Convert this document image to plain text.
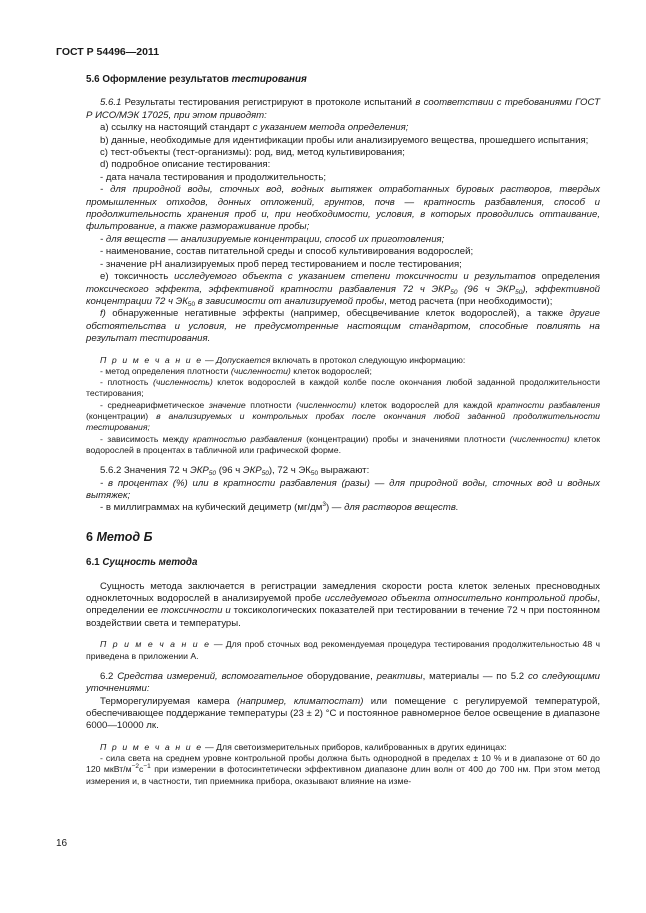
ГОСТ Р 54496—2011
5.6 Оформление результатов тестирования

5.6.1 Результаты тестирования регистрируют в протоколе испытаний в соответствии с требованиями ГОСТ Р ИСО/МЭК 17025, при этом приводят:

а) ссылку на настоящий стандарт с указанием метода определения;

b) данные, необходимые для идентификации пробы или анализируемого вещества, прошедшего испытания;

с) тест-объекты (тест-организмы): род, вид, метод культивирования;

d) подробное описание тестирования:

- дата начала тестирования и продолжительность;

- для природной воды, сточных вод, водных вытяжек отработанных буровых растворов, твердых промышленных отходов, донных отложений, грунтов, почв — кратность разбавления, способ и продолжительность хранения проб и, при необходимости, условия, в которых проводились оттаивание, фильтрование, а также размораживание пробы;

- для веществ — анализируемые концентрации, способ их приготовления;

- наименование, состав питательной среды и способ культивирования водорослей;

- значение рН анализируемых проб перед тестированием и после тестирования;

е) токсичность исследуемого объекта с указанием степени токсичности и результатов определения токсического эффекта, эффективной кратности разбавления 72 ч $ЭКР_{50}$ (96 ч $ЭКР_{50}$), эффективной концентрации 72 ч $ЭК_{50}$ в зависимости от анализируемой пробы, метод расчета (при необходимости);

f) обнаруженные негативные эффекты (например, обесцвечивание клеток водорослей), а также другие обстоятельства и условия, не предусмотренные настоящим стандартом, способные повлиять на результат тестирования.

П р и м е ч а н и е — Допускается включать в протокол следующую информацию:

- метод определения плотности (численности) клеток водорослей;

- плотность (численность) клеток водорослей в каждой колбе после окончания любой заданной продолжительности тестирования;

- среднеарифметическое значение плотности (численности) клеток водорослей для каждой кратности разбавления (концентрации) в анализируемых и контрольных пробах после окончания любой заданной продолжительности тестирования;

- зависимость между кратностью разбавления (концентрации) пробы и значениями плотности (численности) клеток водорослей в процентах в табличной или графической форме.

5.6.2 Значения 72 ч $ЭКР_{50}$ (96 ч $ЭКР_{50}$), 72 ч $ЭК_{50}$ выражают:

- в процентах (%) или в кратности разбавления (разы) — для природной воды, сточных вод и водных вытяжек;

- в миллиграммах на кубический дециметр $(мг/дм^3)$ — для растворов веществ.

6 Метод Б
6.1 Сущность метода

Сущность метода заключается в регистрации замедления скорости роста клеток зеленых пресноводных одноклеточных водорослей в анализируемой пробе исследуемого объекта относительно контрольной пробы, определении ее токсичности и токсикологических показателей при тестировании в течение 72 ч при постоянном воздействии света и температуры.

П р и м е ч а н и е — Для проб сточных вод рекомендуемая процедура тестирования продолжительностью 48 ч приведена в приложении А.

6.2 Средства измерений, вспомогательное оборудование, реактивы, материалы — по 5.2 со следующими уточнениями:

Терморегулируемая камера (например, климатостат) или помещение с регулируемой температурой, обеспечивающее поддержание температуры (23 ± 2) °С и постоянное равномерное белое освещение в диапазоне 6000—10000 лк.

П р и м е ч а н и е — Для светоизмерительных приборов, калиброванных в других единицах:

- сила света на среднем уровне контрольной пробы должна быть однородной в пределах ± 10 % и в диапазоне от 60 до 120 мкВт/$м^{-2}с^{-1}$ при измерении в фотосинтетически эффективном диапазоне длин волн от 400 до 700 нм. При этом метод измерения и, в частности, тип приемника прибора, оказывают влияние на изме-

16
